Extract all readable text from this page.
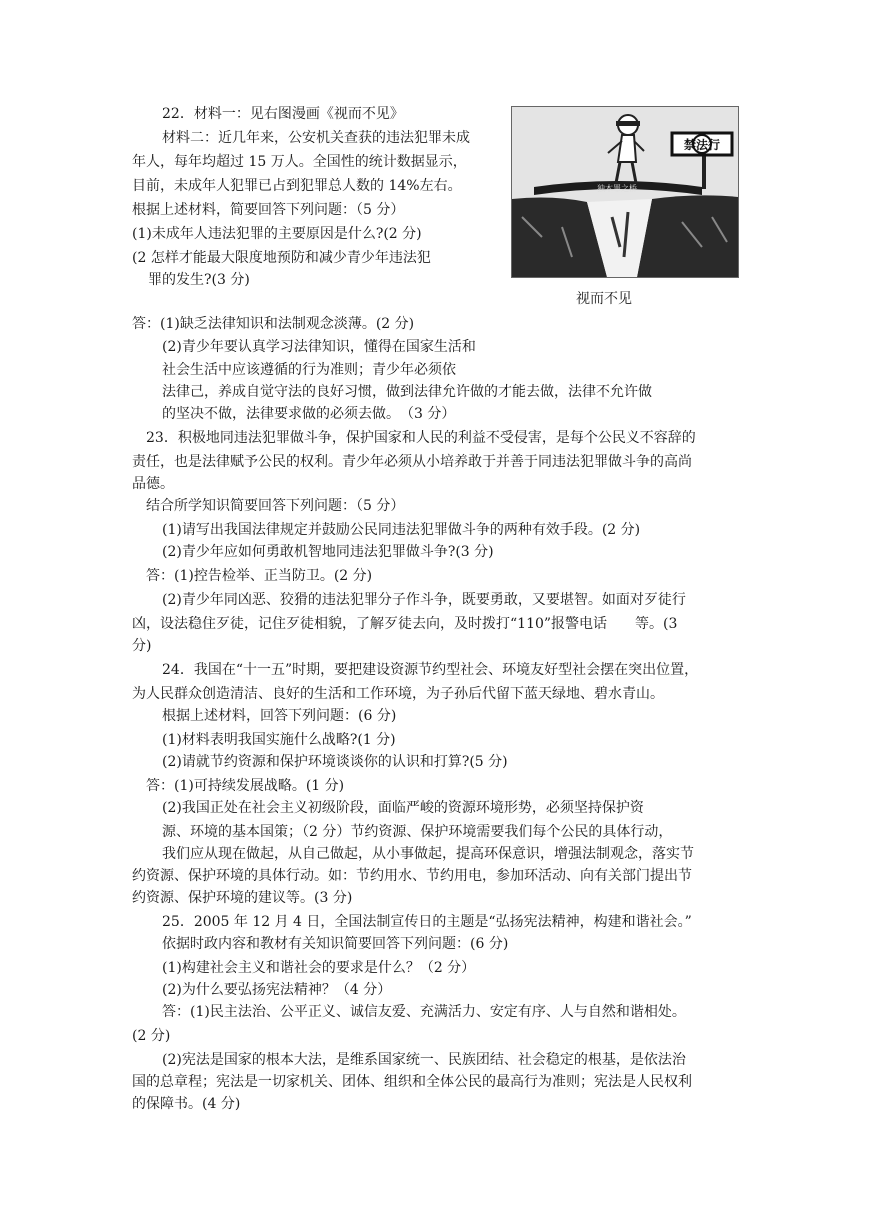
22．材料一：见右图漫画《视而不见》
材料二：近几年来，公安机关查获的违法犯罪未成
年人，每年均超过 15 万人。全国性的统计数据显示，
目前，未成年人犯罪已占到犯罪总人数的 14%左右。
根据上述材料，简要回答下列问题：（5 分）
(1)未成年人违法犯罪的主要原因是什么?(2 分)
(2 怎样才能最大限度地预防和减少青少年违法犯
罪的发生?(3 分)
禁法行
独木罪之桥
视而不见
答：(1)缺乏法律知识和法制观念淡薄。(2 分)
(2)青少年要认真学习法律知识，懂得在国家生活和
社会生活中应该遵循的行为准则；青少年必须依
法律己，养成自觉守法的良好习惯，做到法律允许做的才能去做，法律不允许做
的坚决不做，法律要求做的必须去做。　（3 分）
23．积极地同违法犯罪做斗争，保护国家和人民的利益不受侵害，是每个公民义不容辞的
责任，也是法律赋予公民的权利。青少年必须从小培养敢于并善于同违法犯罪做斗争的高尚
品德。
结合所学知识简要回答下列问题：（5 分）
(1)请写出我国法律规定并鼓励公民同违法犯罪做斗争的两种有效手段。(2 分)
(2)青少年应如何勇敢机智地同违法犯罪做斗争?(3 分)
答：(1)控告检举、正当防卫。(2 分)
(2)青少年同凶恶、狡猾的违法犯罪分子作斗争，既要勇敢，又要堪智。如面对歹徒行
凶，设法稳住歹徒，记住歹徒相貌，了解歹徒去向，及时拨打“110”报警电话　　等。(3
分)
24．我国在“十一五”时期，要把建设资源节约型社会、环境友好型社会摆在突出位置，
为人民群众创造清洁、良好的生活和工作环境，为子孙后代留下蓝天绿地、碧水青山。
根据上述材料，回答下列问题：(6 分)
(1)材料表明我国实施什么战略?(1 分)
(2)请就节约资源和保护环境谈谈你的认识和打算?(5 分)
答：(1)可持续发展战略。(1 分)
(2)我国正处在社会主义初级阶段，面临严峻的资源环境形势，必须坚持保护资
源、环境的基本国策；（2 分）节约资源、保护环境需要我们每个公民的具体行动，
我们应从现在做起，从自己做起，从小事做起，提高环保意识，增强法制观念，落实节
约资源、保护环境的具体行动。如：节约用水、节约用电，参加环活动、向有关部门提出节
约资源、保护环境的建议等。(3 分)
25．2005 年 12 月 4 日，全国法制宣传日的主题是“弘扬宪法精神，构建和谐社会。”
依据时政内容和教材有关知识简要回答下列问题：(6 分)
(1)构建社会主义和谐社会的要求是什么？（2 分）
(2)为什么要弘扬宪法精神？（4 分）
答：(1)民主法治、公平正义、诚信友爱、充满活力、安定有序、人与自然和谐相处。
(2 分)
(2)宪法是国家的根本大法，是维系国家统一、民族团结、社会稳定的根基，是依法治
国的总章程；宪法是一切家机关、团体、组织和全体公民的最高行为准则；宪法是人民权利
的保障书。(4 分)
